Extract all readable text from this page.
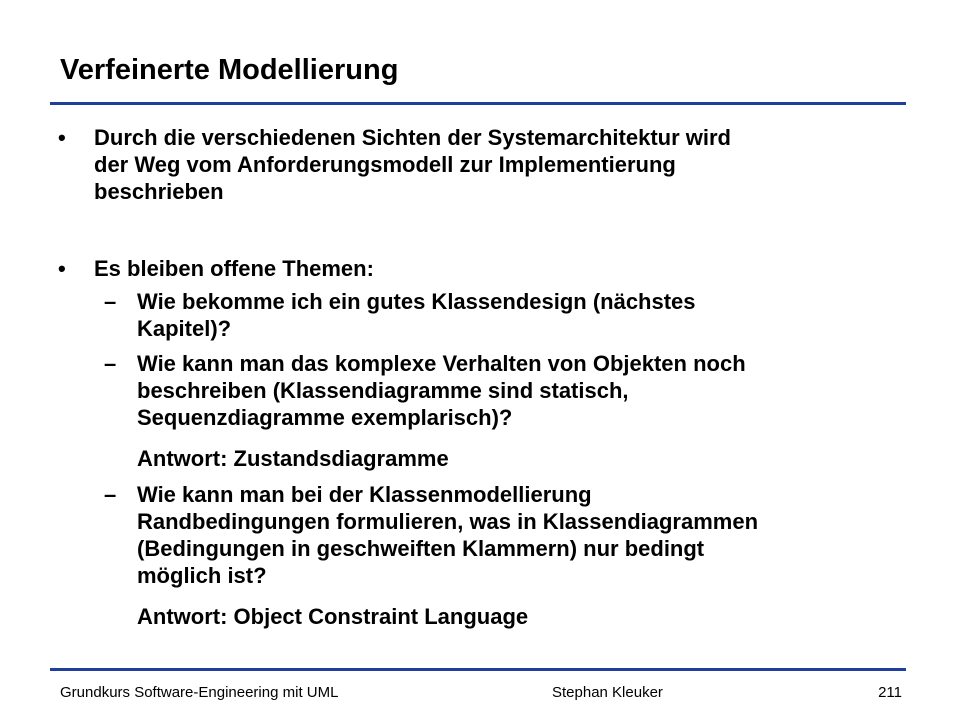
Verfeinerte Modellierung
• Durch die verschiedenen Sichten der Systemarchitektur wird
der Weg vom Anforderungsmodell zur Implementierung
beschrieben
• Es bleiben offene Themen:
– Wie bekomme ich ein gutes Klassendesign (nächstes
Kapitel)?
– Wie kann man das komplexe Verhalten von Objekten noch
beschreiben (Klassendiagramme sind statisch,
Sequenzdiagramme exemplarisch)?
Antwort: Zustandsdiagramme
– Wie kann man bei der Klassenmodellierung
Randbedingungen formulieren, was in Klassendiagrammen
(Bedingungen in geschweiften Klammern) nur bedingt
möglich ist?
Antwort: Object Constraint Language
Grundkurs Software-Engineering mit UML	Stephan Kleuker	211
